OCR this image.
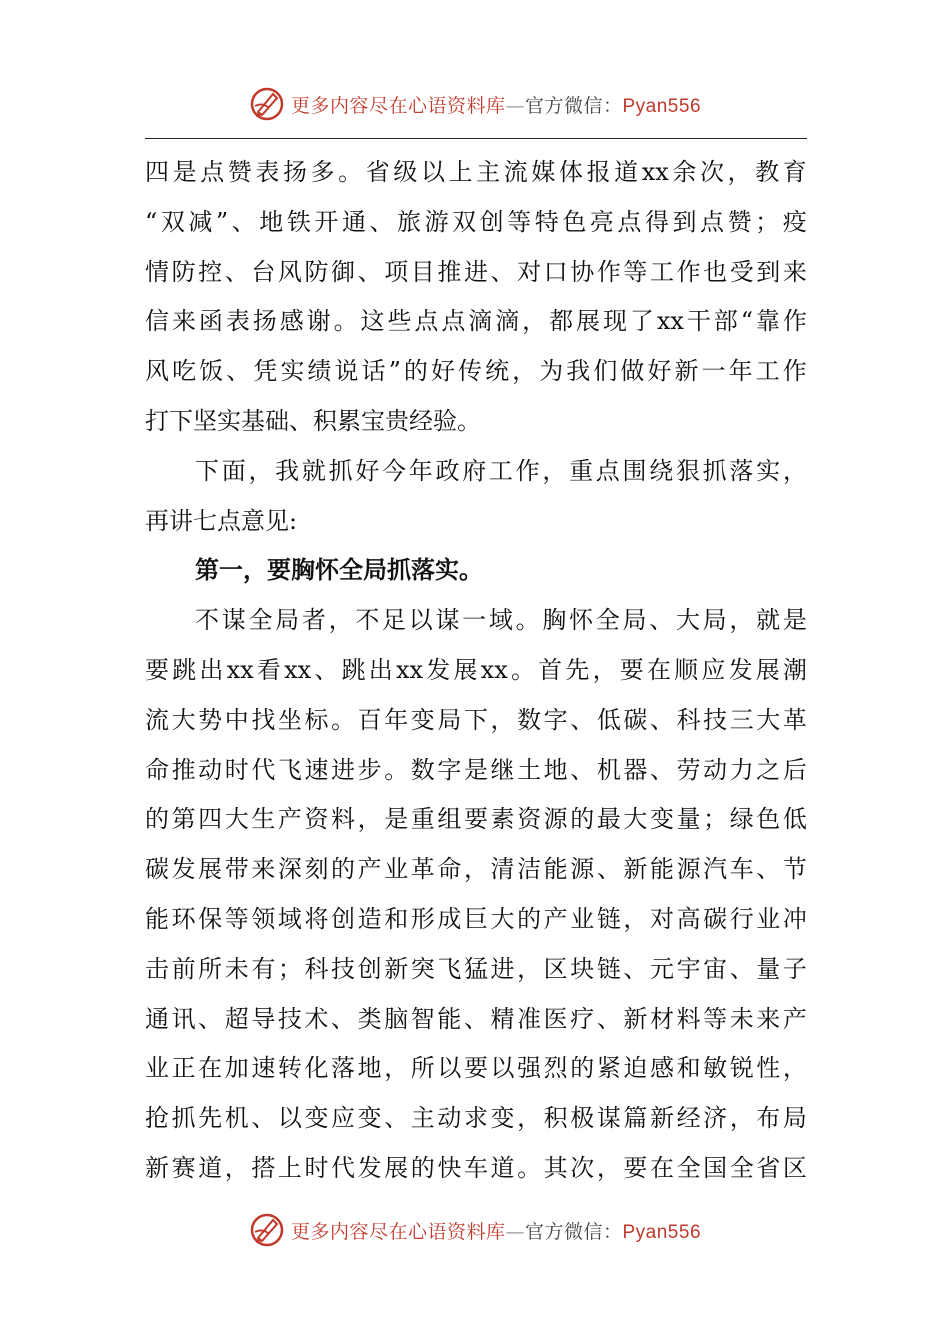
更多内容尽在心语资料库—官方微信：Pyan556
四 是 点 赞 表 扬 多 。 省 级 以 上 主 流 媒 体 报 道 xx 余 次 ， 教 育
“ 双 减 ” 、 地 铁 开 通 、 旅 游 双 创 等 特 色 亮 点 得 到 点 赞 ； 疫
情 防 控 、 台 风 防 御 、 项 目 推 进 、 对 口 协 作 等 工 作 也 受 到 来
信 来 函 表 扬 感 谢 。 这 些 点 点 滴 滴 ， 都 展 现 了 xx 干 部 “ 靠 作
风 吃 饭 、 凭 实 绩 说 话 ” 的 好 传 统 ， 为 我 们 做 好 新 一 年 工 作
打下坚实基础、积累宝贵经验。
下 面 ， 我 就 抓 好 今 年 政 府 工 作 ， 重 点 围 绕 狠 抓 落 实 ，
再讲七点意见:
第一，要胸怀全局抓落实。
不 谋 全 局 者 ， 不 足 以 谋 一 域 。 胸 怀 全 局 、 大 局 ， 就 是
要 跳 出 xx 看 xx 、 跳 出 xx 发 展 xx 。 首 先 ， 要 在 顺 应 发 展 潮
流 大 势 中 找 坐 标 。 百 年 变 局 下 ， 数 字 、 低 碳 、 科 技 三 大 革
命 推 动 时 代 飞 速 进 步 。 数 字 是 继 土 地 、 机 器 、 劳 动 力 之 后
的 第 四 大 生 产 资 料 ， 是 重 组 要 素 资 源 的 最 大 变 量 ； 绿 色 低
碳 发 展 带 来 深 刻 的 产 业 革 命 ， 清 洁 能 源 、 新 能 源 汽 车 、 节
能 环 保 等 领 域 将 创 造 和 形 成 巨 大 的 产 业 链 ， 对 高 碳 行 业 冲
击 前 所 未 有 ； 科 技 创 新 突 飞 猛 进 ， 区 块 链 、 元 宇 宙 、 量 子
通 讯 、 超 导 技 术 、 类 脑 智 能 、 精 准 医 疗 、 新 材 料 等 未 来 产
业 正 在 加 速 转 化 落 地 ， 所 以 要 以 强 烈 的 紧 迫 感 和 敏 锐 性 ，
抢 抓 先 机 、 以 变 应 变 、 主 动 求 变 ， 积 极 谋 篇 新 经 济 ， 布 局
新 赛 道 ， 搭 上 时 代 发 展 的 快 车 道 。 其 次 ， 要 在 全 国 全 省 区
更多内容尽在心语资料库—官方微信：Pyan556
